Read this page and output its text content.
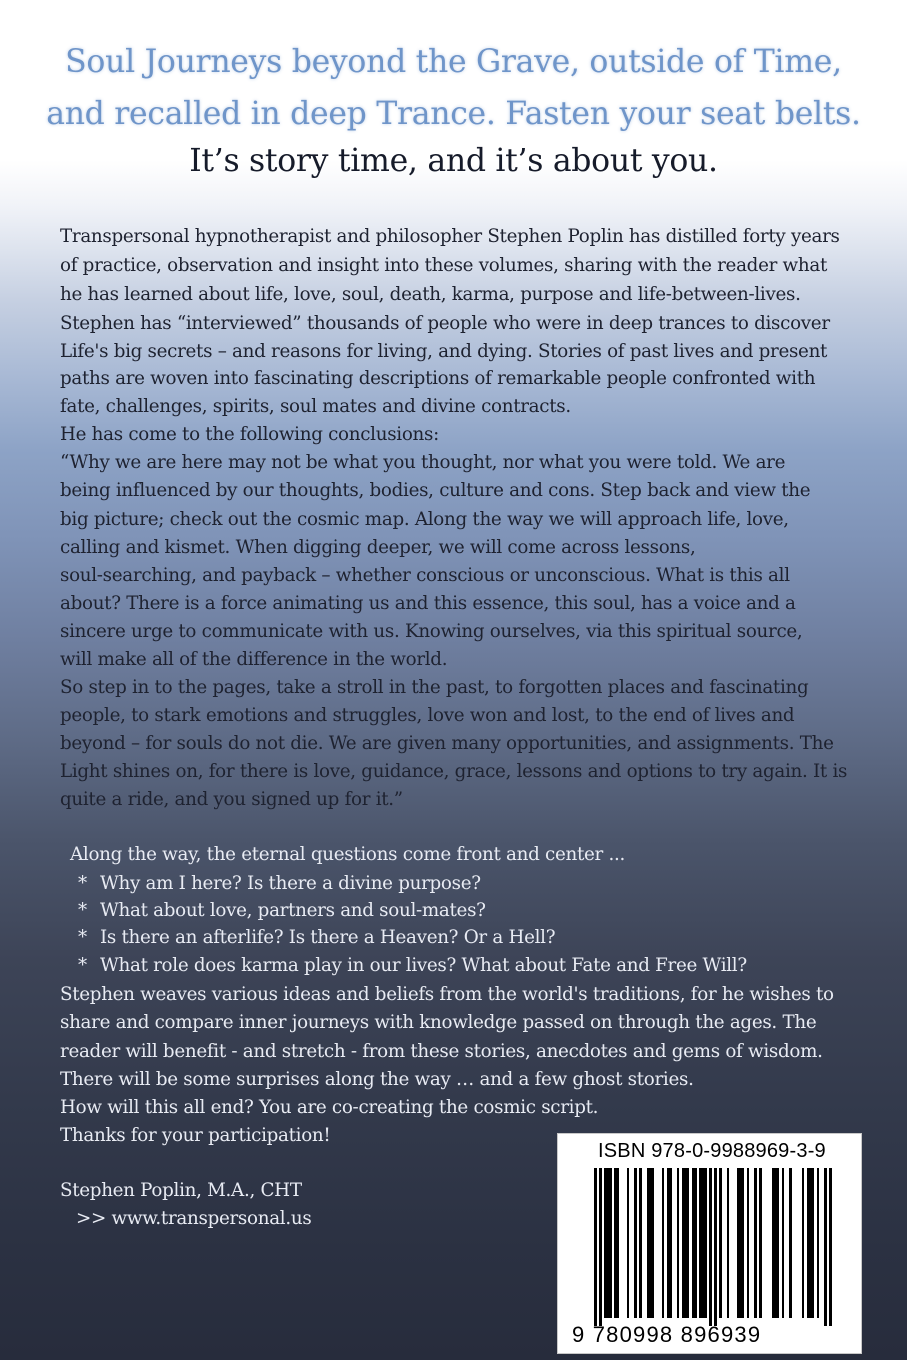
Soul Journeys beyond the Grave, outside of Time,
and recalled in deep Trance. Fasten your seat belts.
It’s story time, and it’s about you.

Transpersonal hypnotherapist and philosopher Stephen Poplin has distilled forty years

of practice, observation and insight into these volumes, sharing with the reader what

he has learned about life, love, soul, death, karma, purpose and life-between-lives.

Stephen has “interviewed” thousands of people who were in deep trances to discover

Life's big secrets – and reasons for living, and dying. Stories of past lives and present

paths are woven into fascinating descriptions of remarkable people confronted with

fate, challenges, spirits, soul mates and divine contracts.

He has come to the following conclusions:

“Why we are here may not be what you thought, nor what you were told. We are

being influenced by our thoughts, bodies, culture and cons. Step back and view the

big picture; check out the cosmic map. Along the way we will approach life, love,

calling and kismet. When digging deeper, we will come across lessons,

soul-searching, and payback – whether conscious or unconscious. What is this all

about? There is a force animating us and this essence, this soul, has a voice and a

sincere urge to communicate with us. Knowing ourselves, via this spiritual source,

will make all of the difference in the world.

So step in to the pages, take a stroll in the past, to forgotten places and fascinating

people, to stark emotions and struggles, love won and lost, to the end of lives and

beyond – for souls do not die. We are given many opportunities, and assignments. The

Light shines on, for there is love, guidance, grace, lessons and options to try again. It is

quite a ride, and you signed up for it.”

Along the way, the eternal questions come front and center ...

* Why am I here? Is there a divine purpose?

* What about love, partners and soul-mates?

* Is there an afterlife? Is there a Heaven? Or a Hell?

* What role does karma play in our lives? What about Fate and Free Will?

Stephen weaves various ideas and beliefs from the world's traditions, for he wishes to

share and compare inner journeys with knowledge passed on through the ages. The

reader will benefit - and stretch - from these stories, anecdotes and gems of wisdom.

There will be some surprises along the way … and a few ghost stories.

How will this all end? You are co-creating the cosmic script.

Thanks for your participation!

Stephen Poplin, M.A., CHT

>> www.transpersonal.us

ISBN 978-0-9988969-3-9
9 780998 896939
